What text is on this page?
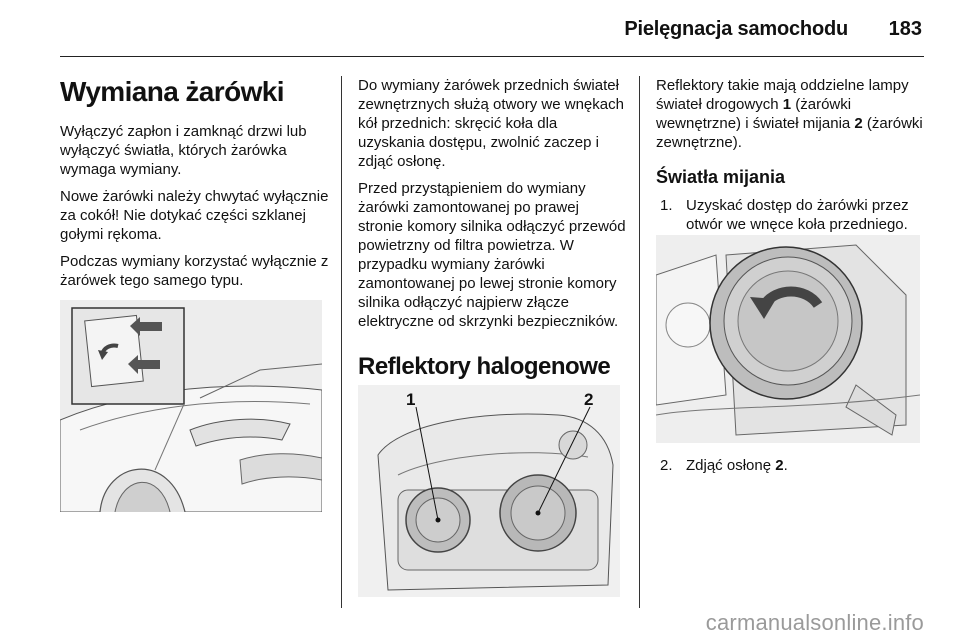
Pielęgnacja samochodu 183
Wymiana żarówki

Wyłączyć zapłon i zamknąć drzwi lub wyłączyć światła, których żarówka wymaga wymiany.

Nowe żarówki należy chwytać wyłącznie za cokół! Nie dotykać części szklanej gołymi rękoma.

Podczas wymiany korzystać wyłącznie z żarówek tego samego typu.

Do wymiany żarówek przednich świateł zewnętrznych służą otwory we wnękach kół przednich: skręcić koła dla uzyskania dostępu, zwolnić zaczep i zdjąć osłonę.

Przed przystąpieniem do wymiany żarówki zamontowanej po prawej stronie komory silnika odłączyć przewód powietrzny od filtra powietrza. W przypadku wymiany żarówki zamontowanej po lewej stronie komory silnika odłączyć najpierw złącze elektryczne od skrzynki bezpieczników.

Reflektory halogenowe
1	2

Reflektory takie mają oddzielne lampy świateł drogowych 1 (żarówki wewnętrzne) i świateł mijania 2 (żarówki zewnętrzne).

Światła mijania
1. Uzyskać dostęp do żarówki przez otwór we wnęce koła przedniego.
2. Zdjąć osłonę 2.
carmanualsonline.info
